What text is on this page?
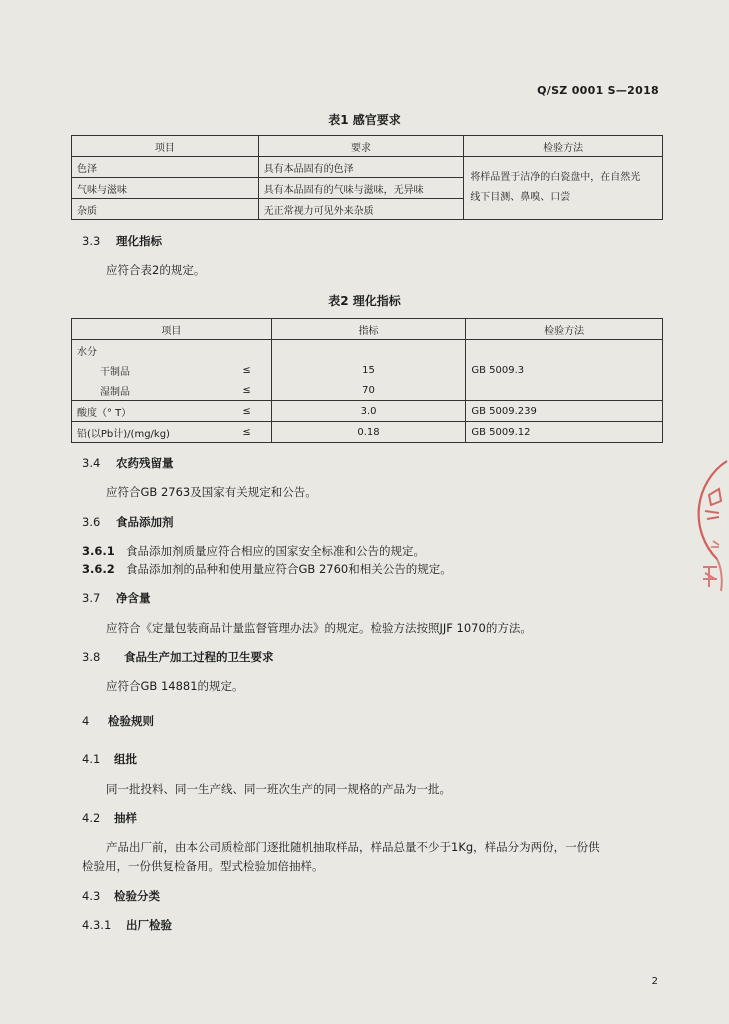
Q/SZ 0001 S—2018
表1 感官要求
项目	要求	检验方法
色泽	具有本品固有的色泽	将样品置于洁净的白瓷盘中，在自然光
线下目测、鼻嗅、口尝

气味与滋味	具有本品固有的气味与滋味，无异味	
杂质	无正常视力可见外来杂质	
3.3 理化指标
应符合表2的规定。
表2 理化指标
项目		指标	检验方法
水分			
干制品	≤	15	GB 5009.3
湿制品	≤	70	
酸度（° T）	≤	3.0	GB 5009.239
铅(以Pb计)/(mg/kg)	≤	0.18	GB 5009.12
3.4 农药残留量
应符合GB 2763及国家有关规定和公告。
3.6 食品添加剂
3.6.1 食品添加剂质量应符合相应的国家安全标准和公告的规定。
3.6.2 食品添加剂的品种和使用量应符合GB 2760和相关公告的规定。
3.7 净含量
应符合《定量包装商品计量监督管理办法》的规定。检验方法按照JJF 1070的方法。
3.8 食品生产加工过程的卫生要求
应符合GB 14881的规定。
4 检验规则
4.1 组批
同一批投料、同一生产线、同一班次生产的同一规格的产品为一批。
4.2 抽样
产品出厂前，由本公司质检部门逐批随机抽取样品，样品总量不少于1Kg，样品分为两份，一份供
检验用，一份供复检备用。型式检验加倍抽样。
4.3 检验分类
4.3.1 出厂检验
2
